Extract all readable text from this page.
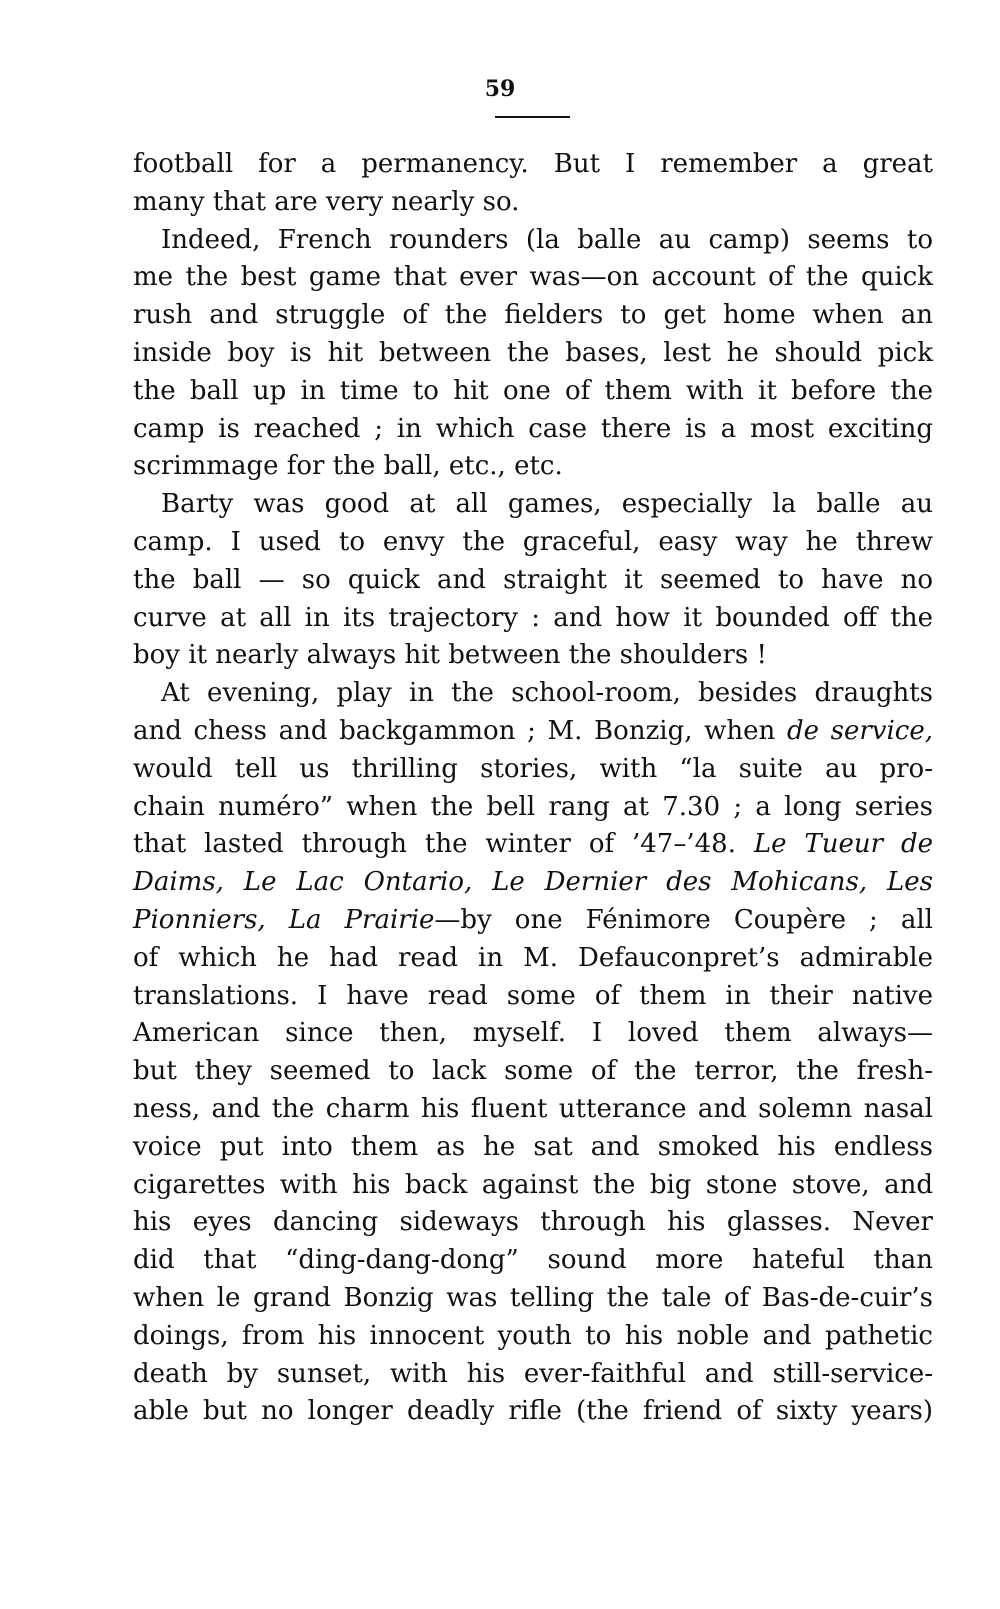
59
football for a permanency. But I remember a great
many that are very nearly so.
Indeed, French rounders (la balle au camp) seems to
me the best game that ever was—on account of the quick
rush and struggle of the fielders to get home when an
inside boy is hit between the bases, lest he should pick
the ball up in time to hit one of them with it before the
camp is reached ; in which case there is a most exciting
scrimmage for the ball, etc., etc.
Barty was good at all games, especially la balle au
camp. I used to envy the graceful, easy way he threw
the ball — so quick and straight it seemed to have no
curve at all in its trajectory : and how it bounded off the
boy it nearly always hit between the shoulders !
At evening, play in the school-room, besides draughts
and chess and backgammon ; M. Bonzig, when de service,
would tell us thrilling stories, with “la suite au pro-
chain numéro” when the bell rang at 7.30 ; a long series
that lasted through the winter of ’47–’48. Le Tueur de
Daims, Le Lac Ontario, Le Dernier des Mohicans, Les
Pionniers, La Prairie—by one Fénimore Coupère ; all
of which he had read in M. Defauconpret’s admirable
translations. I have read some of them in their native
American since then, myself. I loved them always—
but they seemed to lack some of the terror, the fresh-
ness, and the charm his fluent utterance and solemn nasal
voice put into them as he sat and smoked his endless
cigarettes with his back against the big stone stove, and
his eyes dancing sideways through his glasses. Never
did that “ding-dang-dong” sound more hateful than
when le grand Bonzig was telling the tale of Bas-de-cuir’s
doings, from his innocent youth to his noble and pathetic
death by sunset, with his ever-faithful and still-service-
able but no longer deadly rifle (the friend of sixty years)
